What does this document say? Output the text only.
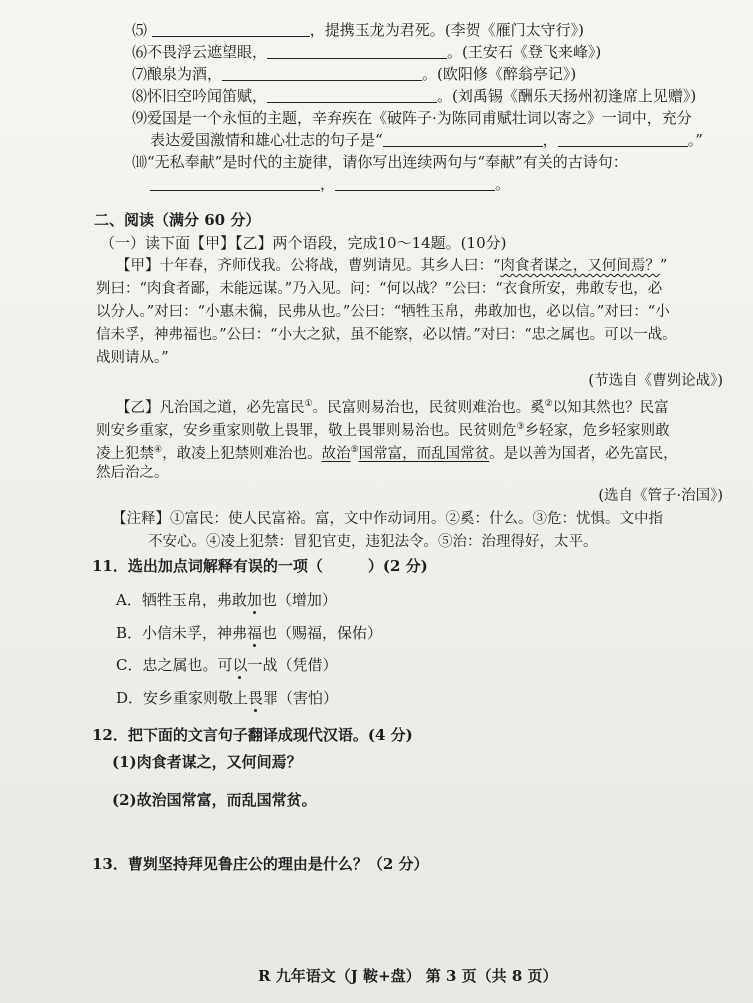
⑸	，提携玉龙为君死。(李贺《雁门太守行》)
⑹不畏浮云遮望眼，	。(王安石《登飞来峰》)
⑺酿泉为酒，	。(欧阳修《醉翁亭记》)
⑻怀旧空吟闻笛赋，	。(刘禹锡《酬乐天扬州初逢席上见赠》)
⑼爱国是一个永恒的主题，辛弃疾在《破阵子·为陈同甫赋壮词以寄之》一词中，充分
表达爱国激情和雄心壮志的句子是“	，	。”
⑽“无私奉献”是时代的主旋律，请你写出连续两句与“奉献”有关的古诗句：
，	。
二、阅读（满分 60 分）
（一）读下面【甲】【乙】两个语段，完成10～14题。(10分)
【甲】十年春，齐师伐我。公将战，曹刿请见。其乡人曰：“肉食者谋之，又何间焉？”
刿曰：“肉食者鄙，未能远谋。”乃入见。问：“何以战？”公曰：“衣食所安，弗敢专也，必
以分人。”对曰：“小惠未徧，民弗从也。”公曰：“牺牲玉帛，弗敢加也，必以信。”对曰：“小
信未孚，神弗福也。”公曰：“小大之狱，虽不能察，必以情。”对曰：“忠之属也。可以一战。
战则请从。”
(节选自《曹刿论战》)
【乙】凡治国之道，必先富民①。民富则易治也，民贫则难治也。奚②以知其然也？民富
则安乡重家，安乡重家则敬上畏罪，敬上畏罪则易治也。民贫则危③乡轻家，危乡轻家则敢
凌上犯禁④，敢凌上犯禁则难治也。故治⑤国常富，而乱国常贫。是以善为国者，必先富民，
然后治之。
(选自《管子·治国》)
【注释】①富民：使人民富裕。富，文中作动词用。②奚：什么。③危：忧惧。文中指
不安心。④凌上犯禁：冒犯官吏，违犯法令。⑤治：治理得好，太平。
11．选出加点词解释有误的一项（　　　）(2 分)
A．牺牲玉帛，弗敢加也（增加）
B．小信未孚，神弗福也（赐福，保佑）
C．忠之属也。可以一战（凭借）
D．安乡重家则敬上畏罪（害怕）
12．把下面的文言句子翻译成现代汉语。(4 分)
(1)肉食者谋之，又何间焉？
(2)故治国常富，而乱国常贫。
13．曹刿坚持拜见鲁庄公的理由是什么？（2 分）
R 九年语文（J 鞍+盘） 第 3 页（共 8 页）
